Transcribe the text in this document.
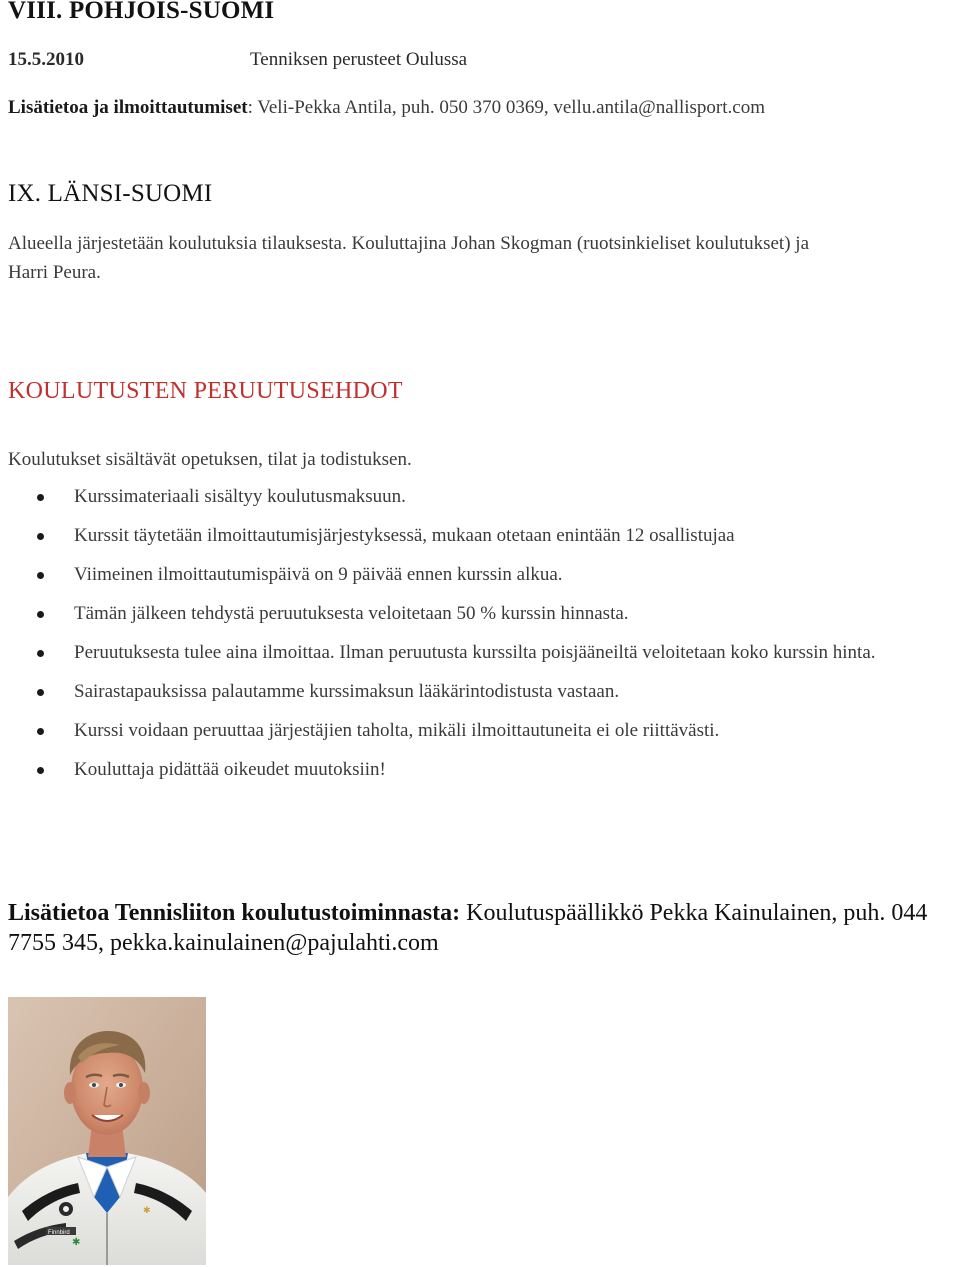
VIII. POHJOIS-SUOMI
15.5.2010	Tenniksen perusteet Oulussa
Lisätietoa ja ilmoittautumiset: Veli-Pekka Antila, puh. 050 370 0369, vellu.antila@nallisport.com
IX. LÄNSI-SUOMI
Alueella järjestetään koulutuksia tilauksesta. Kouluttajina Johan Skogman (ruotsinkieliset koulutukset) ja
Harri Peura.
KOULUTUSTEN PERUUTUSEHDOT
Koulutukset sisältävät opetuksen, tilat ja todistuksen.
Kurssimateriaali sisältyy koulutusmaksuun.
Kurssit täytetään ilmoittautumisjärjestyksessä, mukaan otetaan enintään 12 osallistujaa
Viimeinen ilmoittautumispäivä on 9 päivää ennen kurssin alkua.
Tämän jälkeen tehdystä peruutuksesta veloitetaan 50 % kurssin hinnasta.
Peruutuksesta tulee aina ilmoittaa. Ilman peruutusta kurssilta poisjääneiltä veloitetaan koko kurssin hinta.
Sairastapauksissa palautamme kurssimaksun lääkärintodistusta vastaan.
Kurssi voidaan peruuttaa järjestäjien taholta, mikäli ilmoittautuneita ei ole riittävästi.
Kouluttaja pidättää oikeudet muutoksiin!
Lisätietoa Tennisliiton koulutustoiminnasta: Koulutuspäällikkö Pekka Kainulainen, puh. 044 7755 345, pekka.kainulainen@pajulahti.com
Finnbird
✱
✱
